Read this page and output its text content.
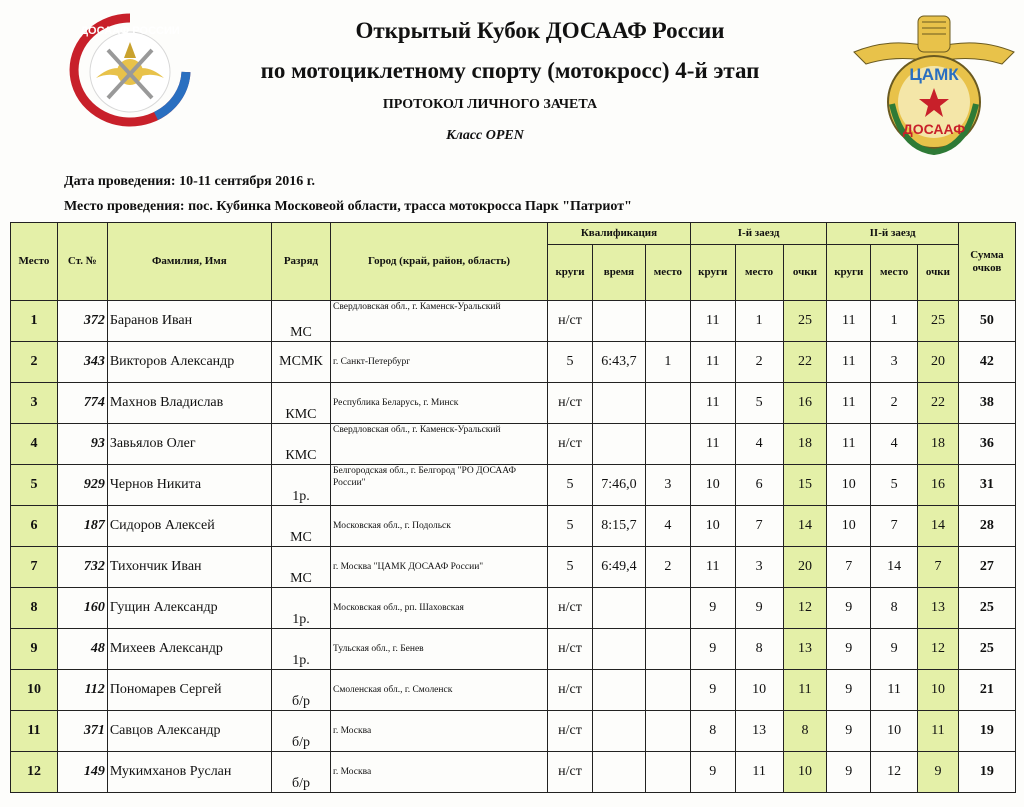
ДОСААФ РОССИИ
ЦАМК
ДОСААФ
Открытый Кубок ДОСААФ России
по мотоциклетному спорту (мотокросс) 4-й этап
ПРОТОКОЛ ЛИЧНОГО ЗАЧЕТА
Класс OPEN
Дата проведения: 10-11 сентября 2016 г.
Место проведения: пос. Кубинка Московеой области, трасса мотокросса Парк "Патриот"
Место	Ст. №	Фамилия, Имя	Разряд	Город (край, район, область)	Квалификация			I-й заезд			II-й заезд			Сумма очков
					круги	время	место	круги	место	очки	круги	место	очки	
1	372	Баранов Иван	МС	Свердловская обл., г. Каменск-Уральский	н/ст			11	1	25	11	1	25	50
2	343	Викторов Александр	МСМК	г. Санкт-Петербург	5	6:43,7	1	11	2	22	11	3	20	42
3	774	Махнов Владислав	КМС	Республика Беларусь, г. Минск	н/ст			11	5	16	11	2	22	38
4	93	Завьялов Олег	КМС	Свердловская обл., г. Каменск-Уральский	н/ст			11	4	18	11	4	18	36
5	929	Чернов Никита	1р.	Белгородская обл., г. Белгород "РО ДОСААФ России"	5	7:46,0	3	10	6	15	10	5	16	31
6	187	Сидоров Алексей	МС	Московская обл., г. Подольск	5	8:15,7	4	10	7	14	10	7	14	28
7	732	Тихончик Иван	МС	г. Москва "ЦАМК ДОСААФ России"	5	6:49,4	2	11	3	20	7	14	7	27
8	160	Гущин Александр	1р.	Московская обл., рп. Шаховская	н/ст			9	9	12	9	8	13	25
9	48	Михеев Александр	1р.	Тульская обл., г. Бенев	н/ст			9	8	13	9	9	12	25
10	112	Пономарев Сергей	б/р	Смоленская обл., г. Смоленск	н/ст			9	10	11	9	11	10	21
11	371	Савцов Александр	б/р	г. Москва	н/ст			8	13	8	9	10	11	19
12	149	Мукимханов Руслан	б/р	г. Москва	н/ст			9	11	10	9	12	9	19
